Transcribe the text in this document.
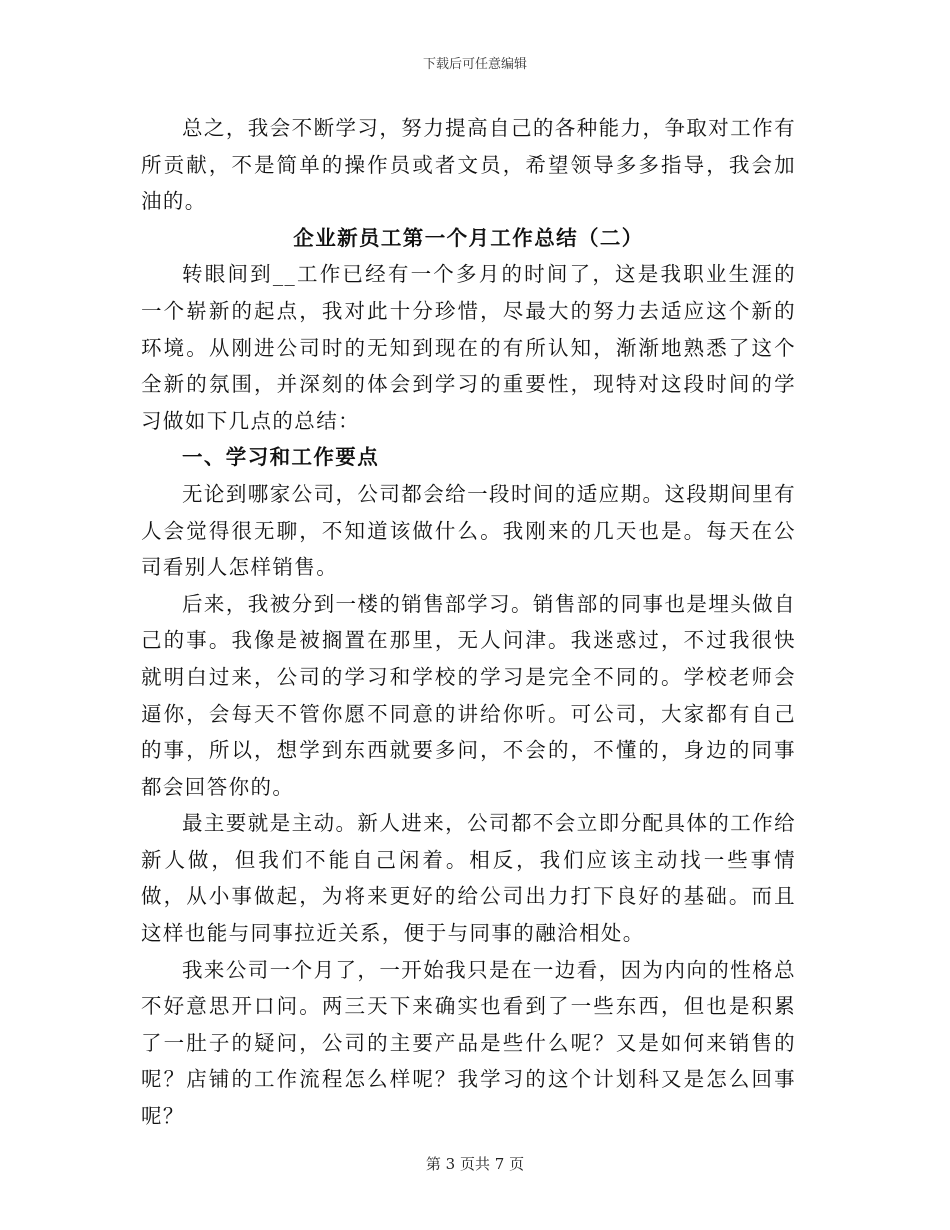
下载后可任意编辑

总之，我会不断学习，努力提高自己的各种能力，争取对工作有所贡献，不是简单的操作员或者文员，希望领导多多指导，我会加油的。

企业新员工第一个月工作总结（二）

转眼间到__工作已经有一个多月的时间了，这是我职业生涯的一个崭新的起点，我对此十分珍惜，尽最大的努力去适应这个新的环境。从刚进公司时的无知到现在的有所认知，渐渐地熟悉了这个全新的氛围，并深刻的体会到学习的重要性，现特对这段时间的学习做如下几点的总结：

一、学习和工作要点

无论到哪家公司，公司都会给一段时间的适应期。这段期间里有人会觉得很无聊，不知道该做什么。我刚来的几天也是。每天在公司看别人怎样销售。

后来，我被分到一楼的销售部学习。销售部的同事也是埋头做自己的事。我像是被搁置在那里，无人问津。我迷惑过，不过我很快就明白过来，公司的学习和学校的学习是完全不同的。学校老师会逼你，会每天不管你愿不同意的讲给你听。可公司，大家都有自己的事，所以，想学到东西就要多问，不会的，不懂的，身边的同事都会回答你的。

最主要就是主动。新人进来，公司都不会立即分配具体的工作给新人做，但我们不能自己闲着。相反，我们应该主动找一些事情做，从小事做起，为将来更好的给公司出力打下良好的基础。而且这样也能与同事拉近关系，便于与同事的融洽相处。

我来公司一个月了，一开始我只是在一边看，因为内向的性格总不好意思开口问。两三天下来确实也看到了一些东西，但也是积累了一肚子的疑问，公司的主要产品是些什么呢？又是如何来销售的呢？店铺的工作流程怎么样呢？我学习的这个计划科又是怎么回事呢？

第 3 页共 7 页
